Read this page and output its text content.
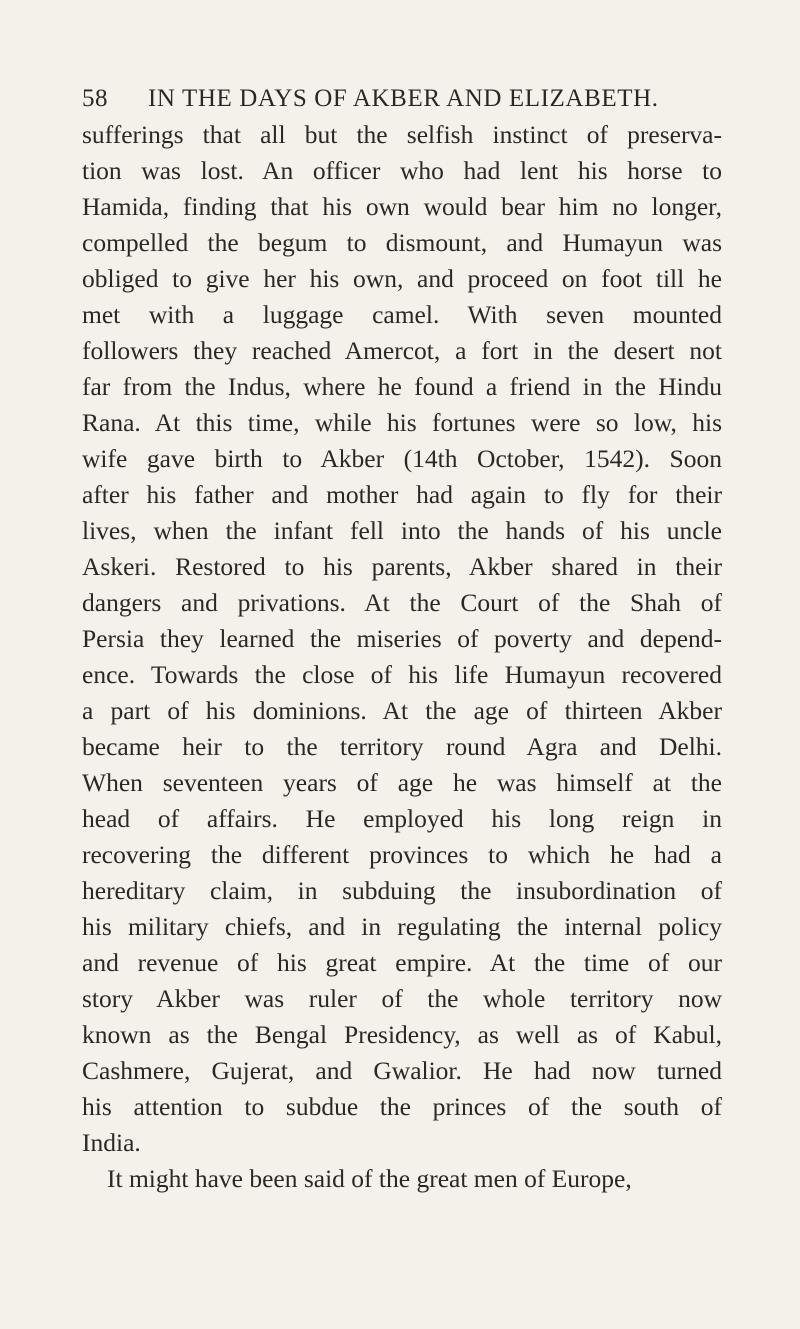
58 IN THE DAYS OF AKBER AND ELIZABETH.
sufferings that all but the selfish instinct of preserva-
tion was lost. An officer who had lent his horse to
Hamida, finding that his own would bear him no longer,
compelled the begum to dismount, and Humayun was
obliged to give her his own, and proceed on foot till he
met with a luggage camel. With seven mounted
followers they reached Amercot, a fort in the desert not
far from the Indus, where he found a friend in the Hindu
Rana. At this time, while his fortunes were so low, his
wife gave birth to Akber (14th October, 1542). Soon
after his father and mother had again to fly for their
lives, when the infant fell into the hands of his uncle
Askeri. Restored to his parents, Akber shared in their
dangers and privations. At the Court of the Shah of
Persia they learned the miseries of poverty and depend-
ence. Towards the close of his life Humayun recovered
a part of his dominions. At the age of thirteen Akber
became heir to the territory round Agra and Delhi.
When seventeen years of age he was himself at the
head of affairs. He employed his long reign in
recovering the different provinces to which he had a
hereditary claim, in subduing the insubordination of
his military chiefs, and in regulating the internal policy
and revenue of his great empire. At the time of our
story Akber was ruler of the whole territory now
known as the Bengal Presidency, as well as of Kabul,
Cashmere, Gujerat, and Gwalior. He had now turned
his attention to subdue the princes of the south of
India.
It might have been said of the great men of Europe,
